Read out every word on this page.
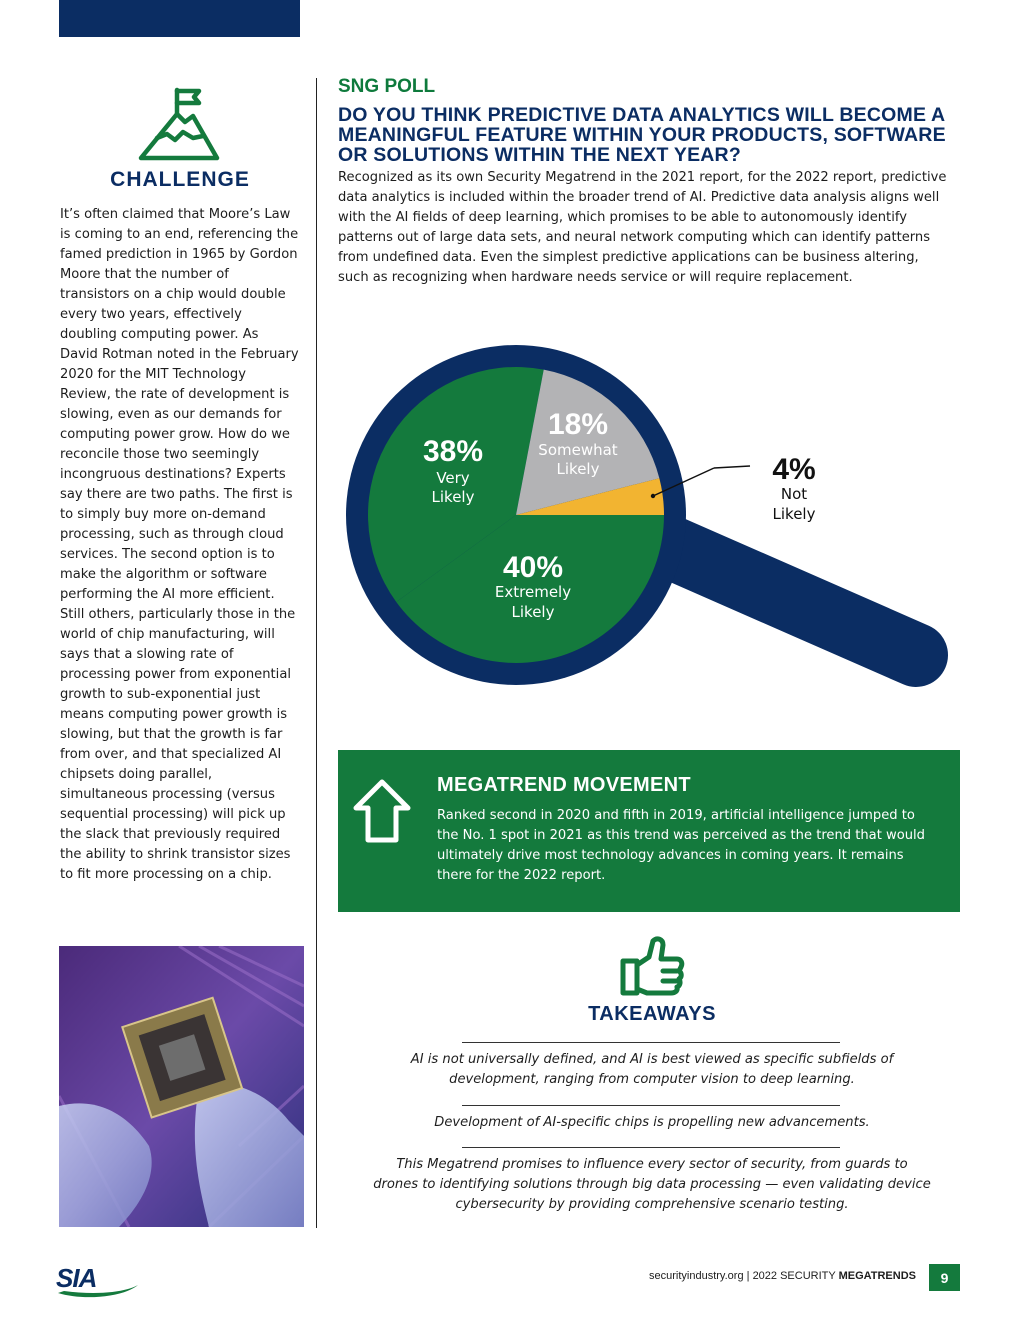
CHALLENGE
It’s often claimed that Moore’s Law is coming to an end, referencing the famed prediction in 1965 by Gordon Moore that the number of transistors on a chip would double every two years, effectively doubling computing power. As David Rotman noted in the February 2020 for the MIT Technology Review, the rate of development is slowing, even as our demands for computing power grow. How do we reconcile those two seemingly incongruous destinations? Experts say there are two paths. The first is to simply buy more on-demand processing, such as through cloud services. The second option is to make the algorithm or software performing the AI more efficient. Still others, particularly those in the world of chip manufacturing, will says that a slowing rate of processing power from exponential growth to sub-exponential just means computing power growth is slowing, but that the growth is far from over, and that specialized AI chipsets doing parallel, simultaneous processing (versus sequential processing) will pick up the slack that previously required the ability to shrink transistor sizes to fit more processing on a chip.
SNG POLL
DO YOU THINK PREDICTIVE DATA ANALYTICS WILL BECOME A MEANINGFUL FEATURE WITHIN YOUR PRODUCTS, SOFTWARE OR SOLUTIONS WITHIN THE NEXT YEAR?
Recognized as its own Security Megatrend in the 2021 report, for the 2022 report, predictive data analytics is included within the broader trend of AI. Predictive data analysis aligns well with the AI fields of deep learning, which promises to be able to autonomously identify patterns out of large data sets, and neural network computing which can identify patterns from undefined data. Even the simplest predictive applications can be business altering, such as recognizing when hardware needs service or will require replacement.
38%
Very
Likely
18%
Somewhat
Likely
40%
Extremely
Likely
4%
Not
Likely
MEGATREND MOVEMENT
Ranked second in 2020 and fifth in 2019, artificial intelligence jumped to the No. 1 spot in 2021 as this trend was perceived as the trend that would ultimately drive most technology advances in coming years. It remains there for the 2022 report.
TAKEAWAYS
AI is not universally defined, and AI is best viewed as specific subfields of development, ranging from computer vision to deep learning.
Development of AI-specific chips is propelling new advancements.
This Megatrend promises to influence every sector of security, from guards to drones to identifying solutions through big data processing — even validating device cybersecurity by providing comprehensive scenario testing.
SIA	securityindustry.org | 2022 SECURITY MEGATRENDS	9
